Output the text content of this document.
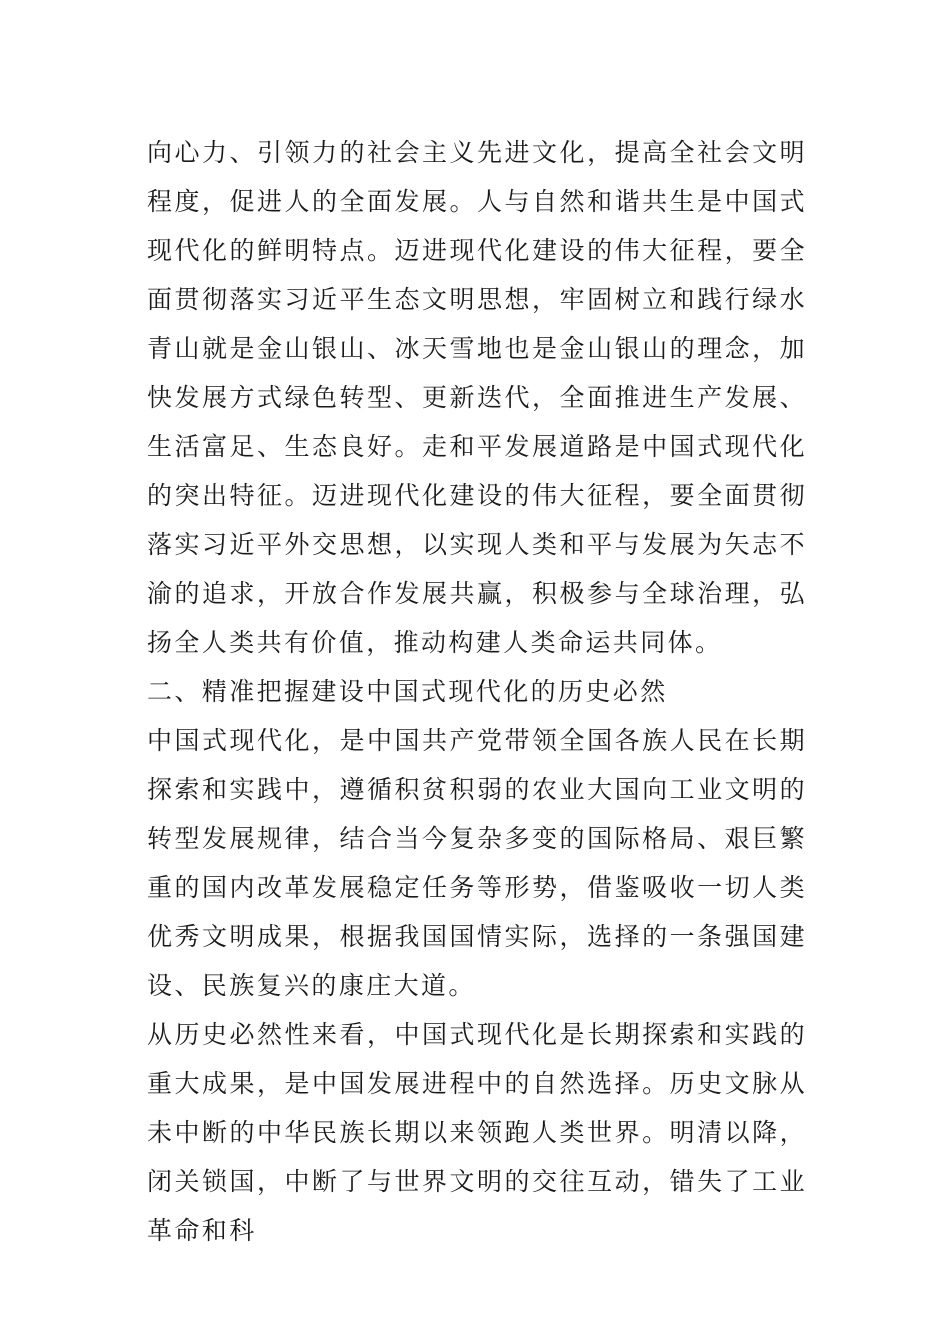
向心力、引领力的社会主义先进文化，提高全社会文明程度，促进人的全面发展。人与自然和谐共生是中国式现代化的鲜明特点。迈进现代化建设的伟大征程，要全面贯彻落实习近平生态文明思想，牢固树立和践行绿水青山就是金山银山、冰天雪地也是金山银山的理念，加快发展方式绿色转型、更新迭代，全面推进生产发展、生活富足、生态良好。走和平发展道路是中国式现代化的突出特征。迈进现代化建设的伟大征程，要全面贯彻落实习近平外交思想，以实现人类和平与发展为矢志不渝的追求，开放合作发展共赢，积极参与全球治理，弘扬全人类共有价值，推动构建人类命运共同体。

二、精准把握建设中国式现代化的历史必然

中国式现代化，是中国共产党带领全国各族人民在长期探索和实践中，遵循积贫积弱的农业大国向工业文明的转型发展规律，结合当今复杂多变的国际格局、艰巨繁重的国内改革发展稳定任务等形势，借鉴吸收一切人类优秀文明成果，根据我国国情实际，选择的一条强国建设、民族复兴的康庄大道。

从历史必然性来看，中国式现代化是长期探索和实践的重大成果，是中国发展进程中的自然选择。历史文脉从未中断的中华民族长期以来领跑人类世界。明清以降，闭关锁国，中断了与世界文明的交往互动，错失了工业革命和科
